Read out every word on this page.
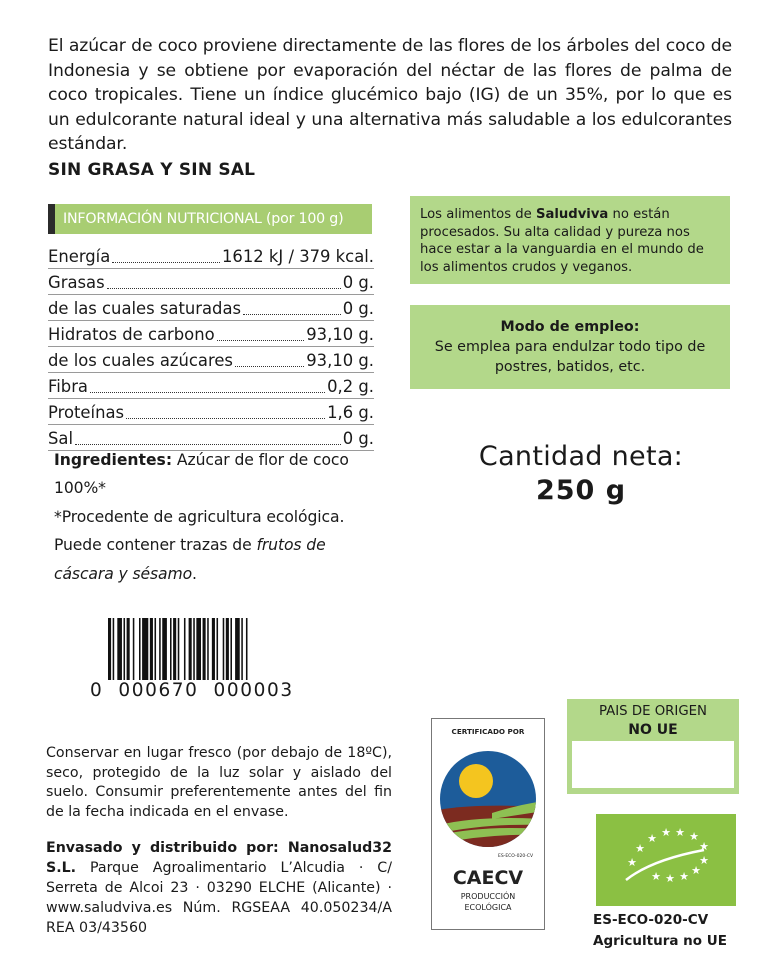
El azúcar de coco proviene directamente de las flores de los árboles del coco de Indonesia y se obtiene por evaporación del néctar de las flores de palma de coco tropicales. Tiene un índice glucémico bajo (IG) de un 35%, por lo que es un edulcorante natural ideal y una alternativa más saludable a los edulcorantes estándar.
SIN GRASA Y SIN SAL
INFORMACIÓN NUTRICIONAL (por 100 g)
Energía	1612 kJ / 379 kcal.
Grasas	0 g.
de las cuales saturadas	0 g.
Hidratos de carbono	93,10 g.
de los cuales azúcares	93,10 g.
Fibra	0,2 g.
Proteínas	1,6 g.
Sal	0 g.
Ingredientes: Azúcar de flor de coco 100%*
*Procedente de agricultura ecológica.
Puede contener trazas de frutos de cáscara y sésamo.
Los alimentos de Saludviva no están procesados. Su alta calidad y pureza nos hace estar a la vanguardia en el mundo de los alimentos crudos y veganos.
Modo de empleo:
Se emplea para endulzar todo tipo de postres, batidos, etc.
Cantidad neta:
250 g
0  000670  000003
Conservar en lugar fresco (por debajo de 18ºC), seco, protegido de la luz solar y aislado del suelo. Consumir preferentemente antes del fin de la fecha indicada en el envase.
Envasado y distribuido por: Nanosalud32 S.L. Parque Agroalimentario L’Alcudia · C/ Serreta de Alcoi 23 · 03290 ELCHE (Alicante) · www.saludviva.es Núm. RGSEAA 40.050234/A REA 03/43560
CERTIFICADO POR
ES-ECO-020-CV
CAECV
PRODUCCIÓN
ECOLÓGICA
PAIS DE ORIGEN
NO UE
★
★
★ ★ ★ ★
★
★
★
★
★
★
ES-ECO-020-CV
Agricultura no UE
